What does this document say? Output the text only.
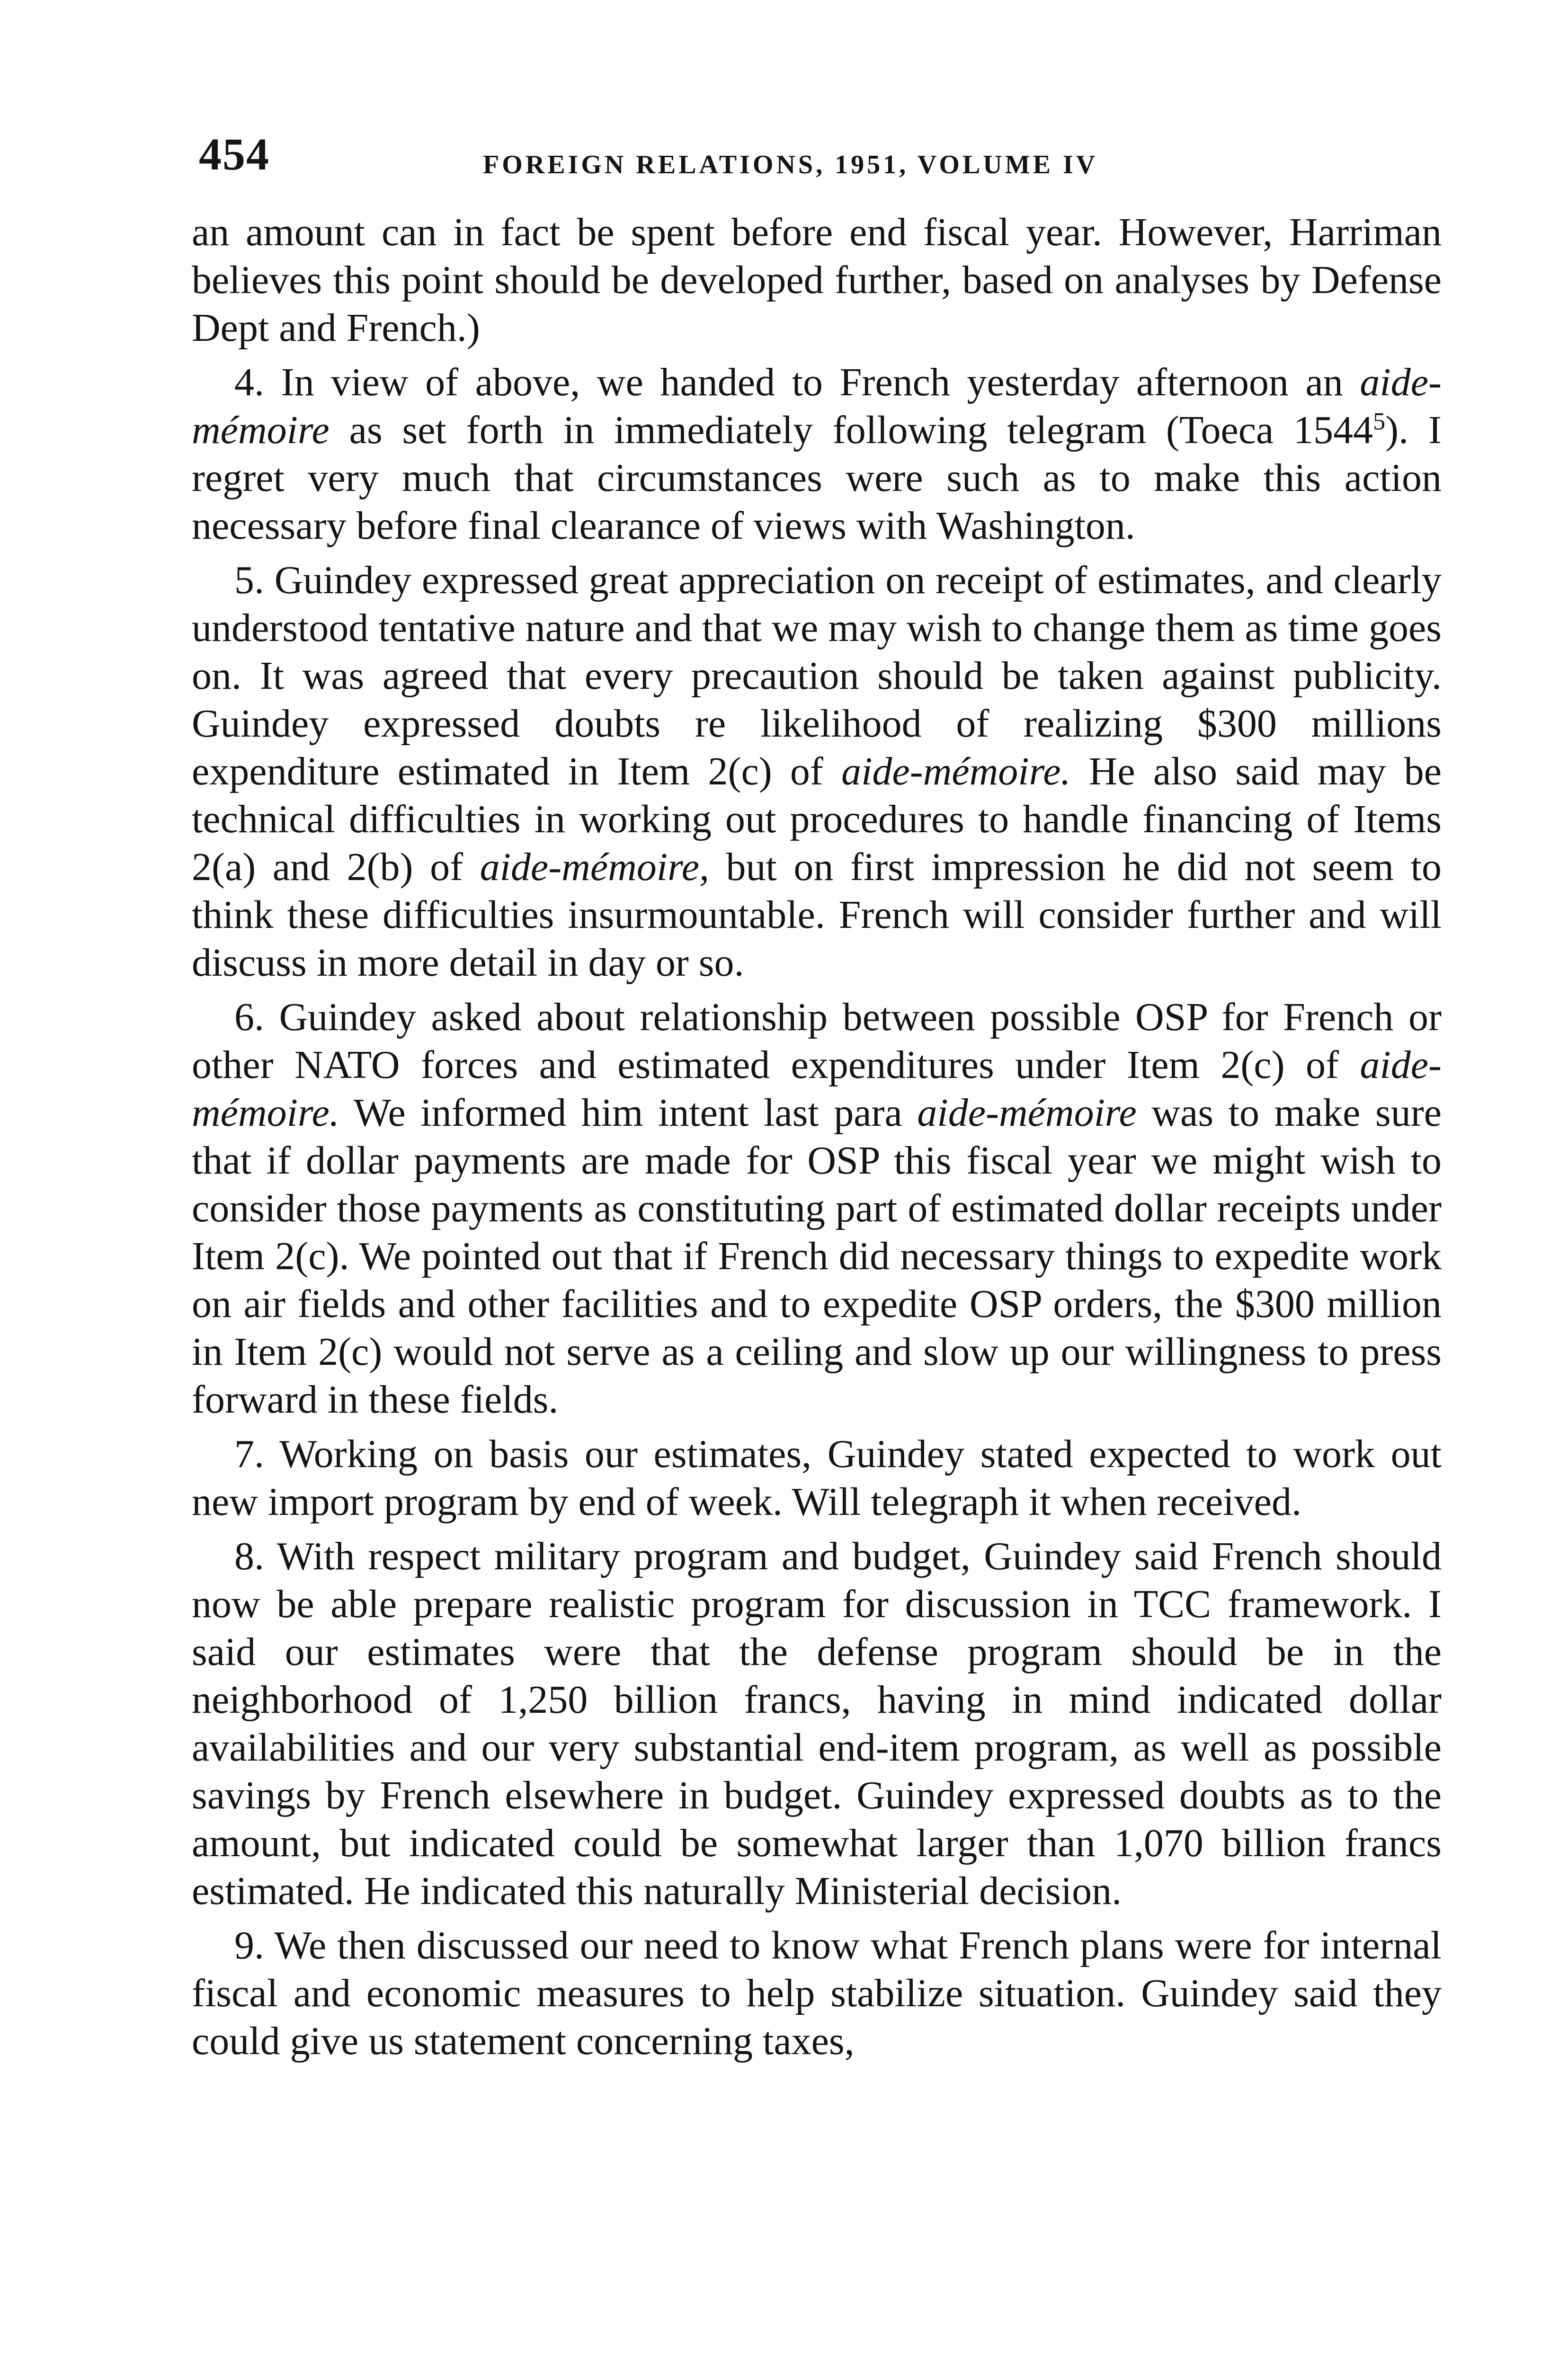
454	FOREIGN RELATIONS, 1951, VOLUME IV

an amount can in fact be spent before end fiscal year. However, Harriman believes this point should be developed further, based on analyses by Defense Dept and French.)

4. In view of above, we handed to French yesterday afternoon an aide-mémoire as set forth in immediately following telegram (Toeca 1544$^5$). I regret very much that circumstances were such as to make this action necessary before final clearance of views with Washington.

5. Guindey expressed great appreciation on receipt of estimates, and clearly understood tentative nature and that we may wish to change them as time goes on. It was agreed that every precaution should be taken against publicity. Guindey expressed doubts re likelihood of realizing $300 millions expenditure estimated in Item 2(c) of aide-mémoire. He also said may be technical difficulties in working out procedures to handle financing of Items 2(a) and 2(b) of aide-mémoire, but on first impression he did not seem to think these difficulties insurmountable. French will consider further and will discuss in more detail in day or so.

6. Guindey asked about relationship between possible OSP for French or other NATO forces and estimated expenditures under Item 2(c) of aide-mémoire. We informed him intent last para aide-mémoire was to make sure that if dollar payments are made for OSP this fiscal year we might wish to consider those payments as constituting part of estimated dollar receipts under Item 2(c). We pointed out that if French did necessary things to expedite work on air fields and other facilities and to expedite OSP orders, the $300 million in Item 2(c) would not serve as a ceiling and slow up our willingness to press forward in these fields.

7. Working on basis our estimates, Guindey stated expected to work out new import program by end of week. Will telegraph it when received.

8. With respect military program and budget, Guindey said French should now be able prepare realistic program for discussion in TCC framework. I said our estimates were that the defense program should be in the neighborhood of 1,250 billion francs, having in mind indicated dollar availabilities and our very substantial end-item program, as well as possible savings by French elsewhere in budget. Guindey expressed doubts as to the amount, but indicated could be somewhat larger than 1,070 billion francs estimated. He indicated this naturally Ministerial decision.

9. We then discussed our need to know what French plans were for internal fiscal and economic measures to help stabilize situation. Guindey said they could give us statement concerning taxes,
